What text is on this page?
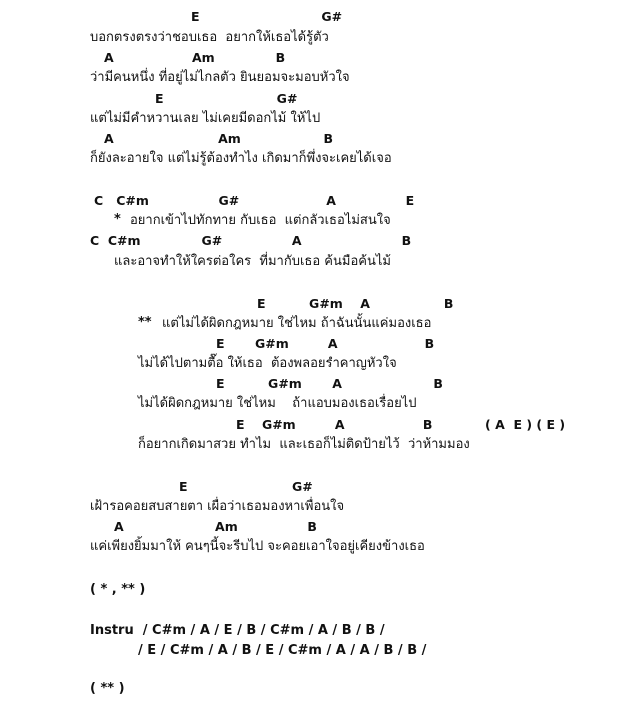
E                            G#
บอกตรงตรงว่าชอบเธอ  อยากให้เธอได้รู้ตัว
A                  Am              B
ว่ามีคนหนึ่ง ที่อยู่ไม่ไกลตัว ยินยอมจะมอบหัวใจ
E                          G#
แต่ไม่มีคำหวานเลย ไม่เคยมีดอกไม้ ให้ไป
A                        Am                   B
ก็ยังละอายใจ แต่ไม่รู้ต้องทำไง เกิดมาก็พึ่งจะเคยได้เจอ
C   C#m                G#                    A                E
* อยากเข้าไปทักทาย กับเธอ  แต่กลัวเธอไม่สนใจ
C  C#m              G#                A                       B
และอาจทำให้ใครต่อใคร  ที่มากับเธอ ค้นมือค้นไม้
E          G#m    A                 B
** แต่ไม่ได้ผิดกฎหมาย ใช่ไหม ถ้าฉันนั้นแค่มองเธอ
E       G#m         A                    B
ไม่ได้ไปตามตื๊อ ให้เธอ  ต้องพลอยรำคาญหัวใจ
E          G#m       A                     B
ไม่ได้ผิดกฎหมาย ใช่ไหม    ถ้าแอบมองเธอเรื่อยไป
E    G#m         A                  B	( A  E ) ( E )
ก็อยากเกิดมาสวย ทำไม  และเธอก็ไม่ติดป้ายไว้  ว่าห้ามมอง
E                        G#
เฝ้ารอคอยสบสายตา เผื่อว่าเธอมองหาเพื่อนใจ
A                     Am                B
แค่เพียงยิ้มมาให้ คนๆนี้จะรีบไป จะคอยเอาใจอยู่เคียงข้างเธอ
( * , ** )
Instru  / C#m / A / E / B / C#m / A / B / B /
/ E / C#m / A / B / E / C#m / A / A / B / B /
( ** )
